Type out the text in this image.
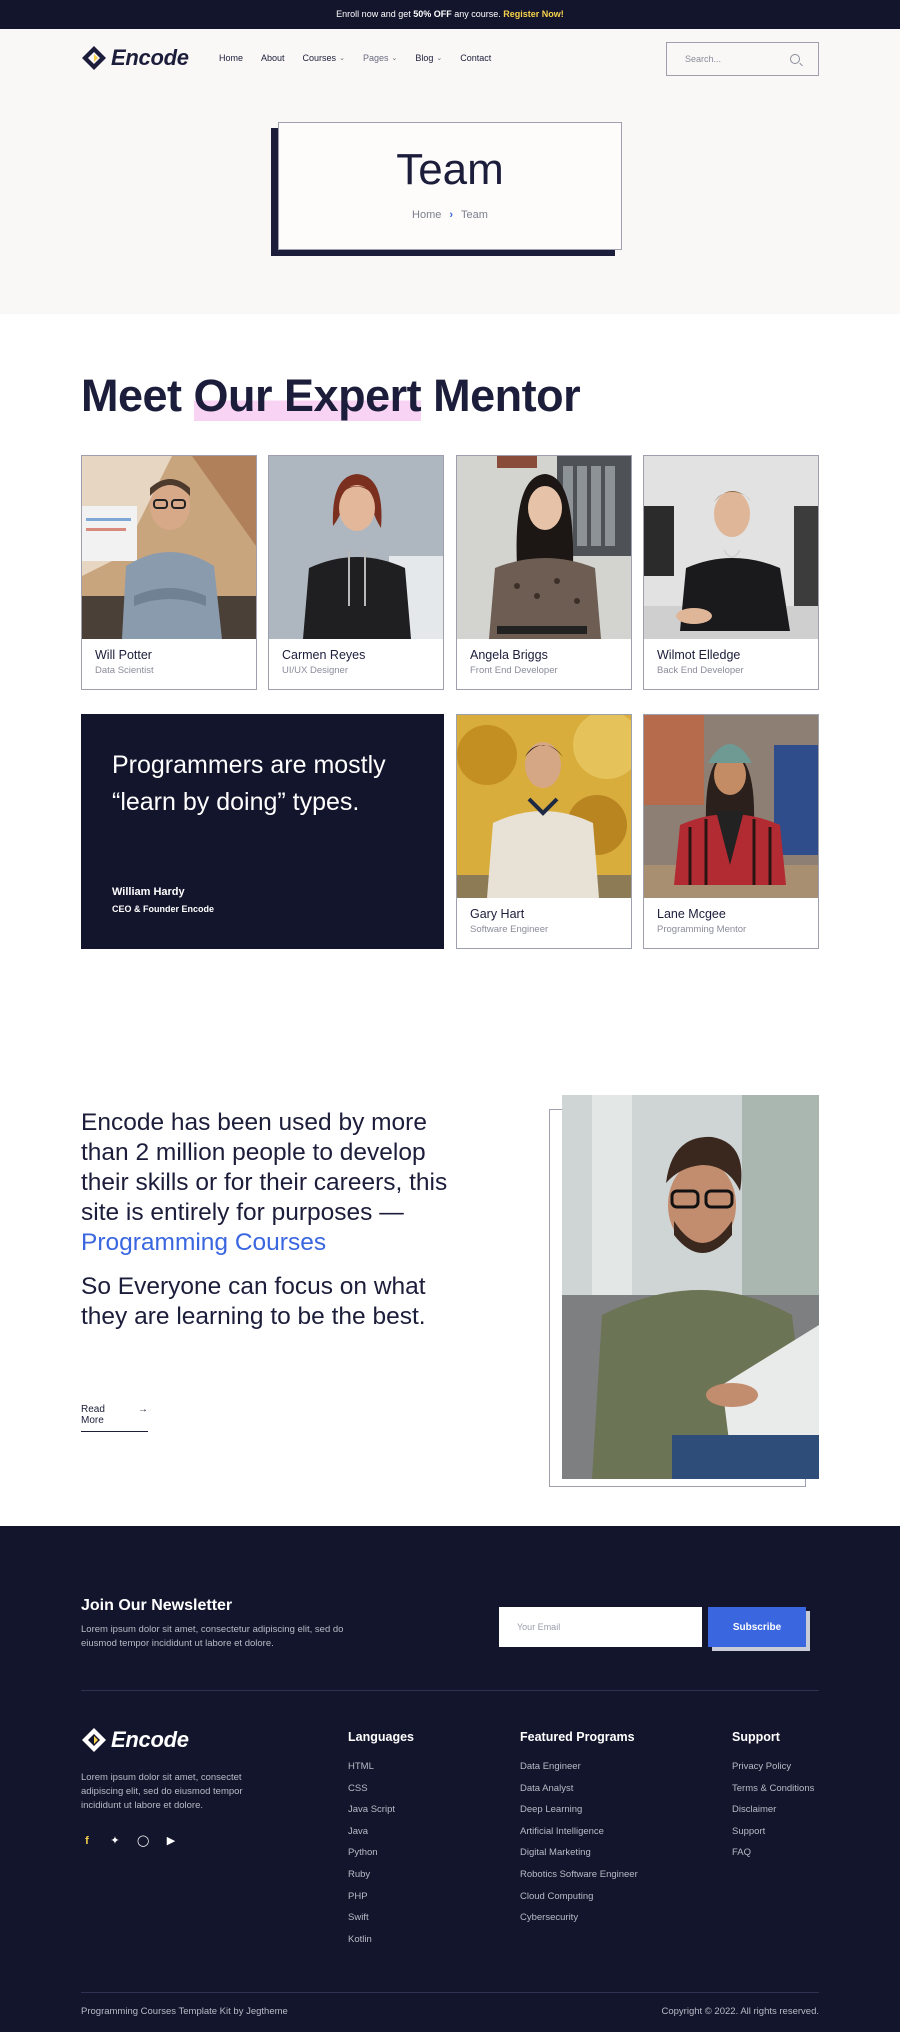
Enroll now and get 50% OFF any course. Register Now!
Encode	Home About Courses ⌄ Pages ⌄ Blog ⌄ Contact
Search...
Team
Home › Team
Meet Our Expert Mentor
Will Potter
Data Scientist
Carmen Reyes
UI/UX Designer
Angela Briggs
Front End Developer
Wilmot Elledge
Back End Developer
Programmers are mostly “learn by doing” types.
William Hardy
CEO & Founder Encode	Gary Hart
Software Engineer
Lane Mcgee
Programming Mentor

Encode has been used by more than 2 million people to develop their skills or for their careers, this site is entirely for purposes — Programming Courses

So Everyone can focus on what they are learning to be the best.

Read More
→
Join Our Newsletter

Lorem ipsum dolor sit amet, consectetur adipiscing elit, sed do eiusmod tempor incididunt ut labore et dolore.

Your Email
Subscribe
Encode

Lorem ipsum dolor sit amet, consectet adipiscing elit, sed do eiusmod tempor incididunt ut labore et dolore.

f	✦ ◯ ▶
Languages
HTML
CSS
Java Script
Java
Python
Ruby
PHP
Swift
Kotlin
Featured Programs
Data Engineer
Data Analyst
Deep Learning
Artificial Intelligence
Digital Marketing
Robotics Software Engineer
Cloud Computing
Cybersecurity
Support
Privacy Policy
Terms & Conditions
Disclaimer
Support
FAQ
Programming Courses Template Kit by Jegtheme	Copyright © 2022. All rights reserved.
